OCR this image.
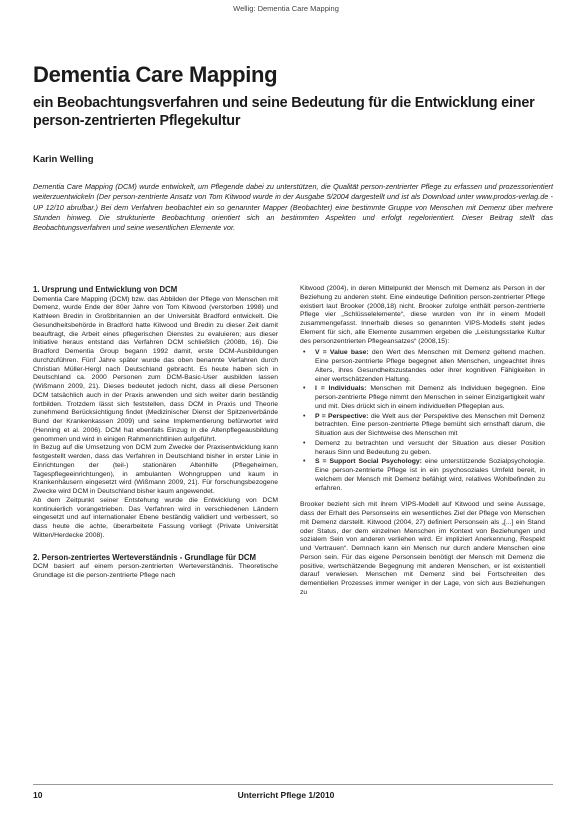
Wellig: Dementia Care Mapping
Dementia Care Mapping
ein Beobachtungsverfahren und seine Bedeutung für die Entwicklung einer person-zentrierten Pflegekultur
Karin Welling
Dementia Care Mapping (DCM) wurde entwickelt, um Pflegende dabei zu unterstützen, die Qualität person-zentrierter Pflege zu erfassen und prozessorientiert weiterzuentwickeln (Der person-zentrierte Ansatz von Tom Kitwood wurde in der Ausgabe 5/2004 dargestellt und ist als Download unter www.prodos-verlag.de - UP 12/10 abrufbar.) Bei dem Verfahren beobachtet ein so genannter Mapper (Beobachter) eine bestimmte Gruppe von Menschen mit Demenz über mehrere Stunden hinweg. Die strukturierte Beobachtung orientiert sich an bestimmten Aspekten und erfolgt regelorientiert. Dieser Beitrag stellt das Beobachtungsverfahren und seine wesentlichen Elemente vor.
1. Ursprung und Entwicklung von DCM

Dementia Care Mapping (DCM) bzw. das Abbilden der Pflege von Menschen mit Demenz, wurde Ende der 80er Jahre von Tom Kitwood (verstorben 1998) und Kathleen Bredin in Großbritannien an der Universität Bradford entwickelt. Die Gesundheitsbehörde in Bradford hatte Kitwood und Bredin zu dieser Zeit damit beauftragt, die Arbeit eines pflegerischen Dienstes zu evaluieren; aus dieser Initiative heraus entstand das Verfahren DCM schließlich (2008b, 16). Die Bradford Dementia Group begann 1992 damit, erste DCM-Ausbildungen durchzuführen. Fünf Jahre später wurde das oben benannte Verfahren durch Christian Müller-Hergl nach Deutschland gebracht. Es heute haben sich in Deutschland ca. 2000 Personen zum DCM-Basic-User ausbilden lassen (Wißmann 2009, 21). Dieses bedeutet jedoch nicht, dass all diese Personen DCM tatsächlich auch in der Praxis anwenden und sich weiter darin beständig fortbilden. Trotzdem lässt sich feststellen, dass DCM in Praxis und Theorie zunehmend Berücksichtigung findet (Medizinischer Dienst der Spitzenverbände Bund der Krankenkassen 2009) und seine Implementierung befürwortet wird (Henning et al. 2006). DCM hat ebenfalls Einzug in die Altenpflegeausbildung genommen und wird in einigen Rahmenrichtlinien aufgeführt.

In Bezug auf die Umsetzung von DCM zum Zwecke der Praxisentwicklung kann festgestellt werden, dass das Verfahren in Deutschland bisher in erster Linie in Einrichtungen der (teil-) stationären Altenhilfe (Pflegeheimen, Tagespflegeeinrichtungen), in ambulanten Wohngruppen und kaum in Krankenhäusern eingesetzt wird (Wißmann 2009, 21). Für forschungsbezogene Zwecke wird DCM in Deutschland bisher kaum angewendet.

Ab dem Zeitpunkt seiner Entstehung wurde die Entwicklung von DCM kontinuierlich vorangetrieben. Das Verfahren wird in verschiedenen Ländern eingesetzt und auf internationaler Ebene beständig validiert und verbessert, so dass heute die achte, überarbeitete Fassung vorliegt (Private Universität Witten/Herdecke 2008).

2. Person-zentriertes Werteverständnis - Grundlage für DCM

DCM basiert auf einem person-zentrierten Werteverständnis. Theoretische Grundlage ist die person-zentrierte Pflege nach

Kitwood (2004), in deren Mittelpunkt der Mensch mit Demenz als Person in der Beziehung zu anderen steht. Eine eindeutige Definition person-zentrierter Pflege existiert laut Brooker (2008,18) nicht. Brooker zufolge enthält person-zentrierte Pflege vier „Schlüsselelemente“, diese wurden von ihr in einem Modell zusammengefasst. Innerhalb dieses so genannten VIPS-Modells steht jedes Element für sich, alle Elemente zusammen ergeben die „Leistungsstarke Kultur des personzentrierten Pflegeansatzes“ (2008,15):

• V = Value base: den Wert des Menschen mit Demenz geltend machen. Eine person-zentrierte Pflege begegnet allen Menschen, ungeachtet ihres Alters, ihres Gesundheitszustandes oder ihrer kognitiven Fähigkeiten in einer wertschätzenden Haltung.
• I = Individuals: Menschen mit Demenz als Individuen begegnen. Eine person-zentrierte Pflege nimmt den Menschen in seiner Einzigartigkeit wahr und mit. Dies drückt sich in einem individuellen Pflegeplan aus.
• P = Perspective: die Welt aus der Perspektive des Menschen mit Demenz betrachten. Eine person-zentrierte Pflege bemüht sich ernsthaft darum, die Situation aus der Sichtweise des Menschen mit
• Demenz zu betrachten und versucht der Situation aus dieser Position heraus Sinn und Bedeutung zu geben.
• S = Support Social Psychology: eine unterstützende Sozialpsychologie. Eine person-zentrierte Pflege ist in ein psychosoziales Umfeld bereit, in welchem der Mensch mit Demenz befähigt wird, relatives Wohlbefinden zu erfahren.

Brooker bezieht sich mit ihrem VIPS-Modell auf Kitwood und seine Aussage, dass der Erhalt des Personseins ein wesentliches Ziel der Pflege von Menschen mit Demenz darstellt. Kitwood (2004, 27) definiert Personsein als „[...] ein Stand oder Status, der dem einzelnen Menschen im Kontext von Beziehungen und sozialem Sein von anderen verliehen wird. Er impliziert Anerkennung, Respekt und Vertrauen“. Demnach kann ein Mensch nur durch andere Menschen eine Person sein. Für das eigene Personsein benötigt der Mensch mit Demenz die positive, wertschätzende Begegnung mit anderen Menschen, er ist existentiell darauf verwiesen. Menschen mit Demenz sind bei Fortschreiten des dementiellen Prozesses immer weniger in der Lage, von sich aus Beziehungen zu

10	Unterricht Pflege 1/2010
